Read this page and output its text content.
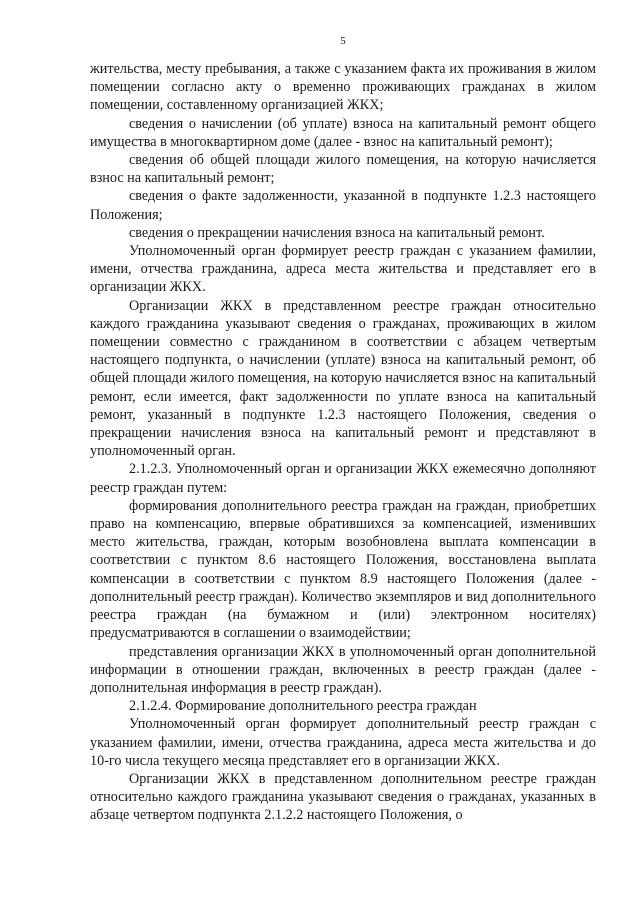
5

жительства, месту пребывания, а также с указанием факта их проживания в жилом помещении согласно акту о временно проживающих гражданах в жилом помещении, составленному организацией ЖКХ;

сведения о начислении (об уплате) взноса на капитальный ремонт общего имущества в многоквартирном доме (далее - взнос на капитальный ремонт);

сведения об общей площади жилого помещения, на которую начисляется взнос на капитальный ремонт;

сведения о факте задолженности, указанной в подпункте 1.2.3 настоящего Положения;

сведения о прекращении начисления взноса на капитальный ремонт.

Уполномоченный орган формирует реестр граждан с указанием фамилии, имени, отчества гражданина, адреса места жительства и представляет его в организации ЖКХ.

Организации ЖКХ в представленном реестре граждан относительно каждого гражданина указывают сведения о гражданах, проживающих в жилом помещении совместно с гражданином в соответствии с абзацем четвертым настоящего подпункта, о начислении (уплате) взноса на капитальный ремонт, об общей площади жилого помещения, на которую начисляется взнос на капитальный ремонт, если имеется, факт задолженности по уплате взноса на капитальный ремонт, указанный в подпункте 1.2.3 настоящего Положения, сведения о прекращении начисления взноса на капитальный ремонт и представляют в уполномоченный орган.

2.1.2.3. Уполномоченный орган и организации ЖКХ ежемесячно дополняют реестр граждан путем:

формирования дополнительного реестра граждан на граждан, приобретших право на компенсацию, впервые обратившихся за компенсацией, изменивших место жительства, граждан, которым возобновлена выплата компенсации в соответствии с пунктом 8.6 настоящего Положения, восстановлена выплата компенсации в соответствии с пунктом 8.9 настоящего Положения (далее - дополнительный реестр граждан). Количество экземпляров и вид дополнительного реестра граждан (на бумажном и (или) электронном носителях) предусматриваются в соглашении о взаимодействии;

представления организации ЖКХ в уполномоченный орган дополнительной информации в отношении граждан, включенных в реестр граждан (далее - дополнительная информация в реестр граждан).

2.1.2.4. Формирование дополнительного реестра граждан

Уполномоченный орган формирует дополнительный реестр граждан с указанием фамилии, имени, отчества гражданина, адреса места жительства и до 10-го числа текущего месяца представляет его в организации ЖКХ.

Организации ЖКХ в представленном дополнительном реестре граждан относительно каждого гражданина указывают сведения о гражданах, указанных в абзаце четвертом подпункта 2.1.2.2 настоящего Положения, о
